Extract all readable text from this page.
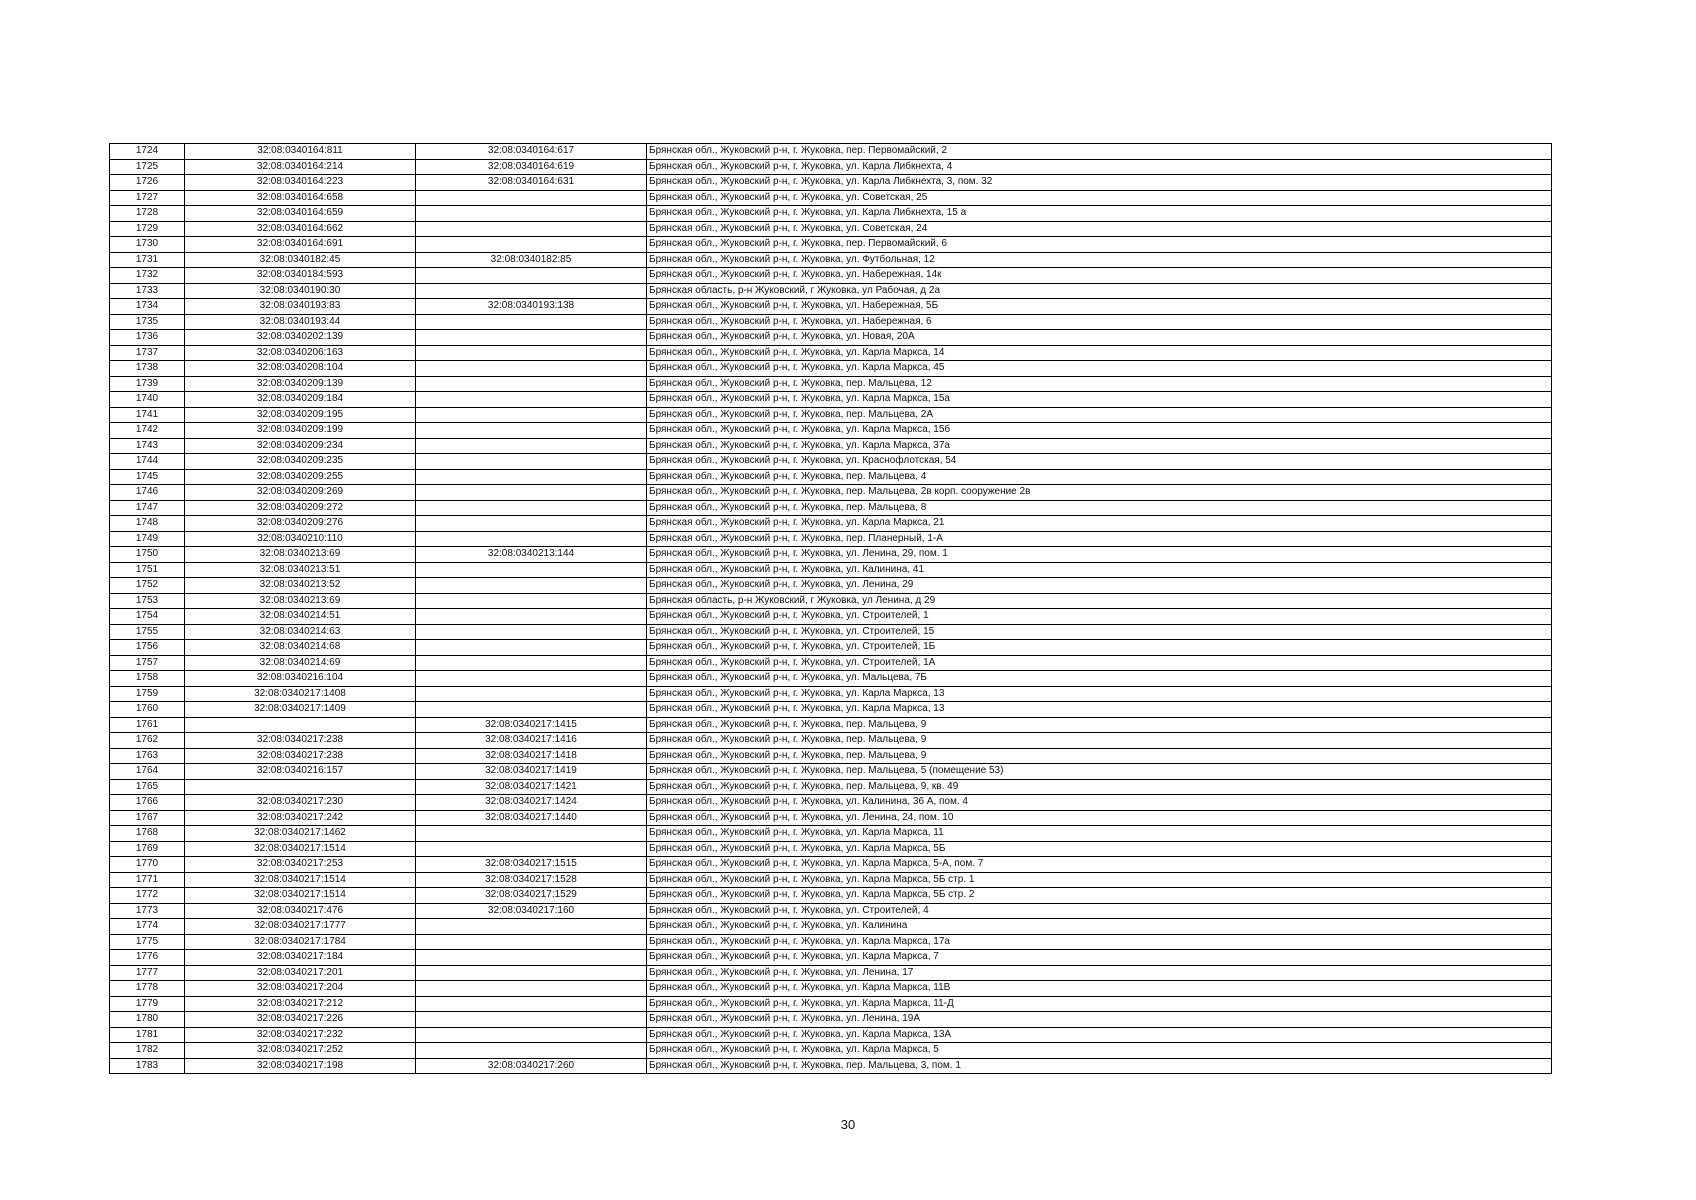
1724	32:08:0340164:811	32:08:0340164:617	Брянская обл., Жуковский р-н, г. Жуковка, пер. Первомайский, 2
1725	32:08:0340164:214	32:08:0340164:619	Брянская обл., Жуковский р-н, г. Жуковка, ул. Карла Либкнехта, 4
1726	32:08:0340164:223	32:08:0340164:631	Брянская обл., Жуковский р-н, г. Жуковка, ул. Карла Либкнехта, 3, пом. 32
1727	32:08:0340164:658		Брянская обл., Жуковский р-н, г. Жуковка, ул. Советская, 25
1728	32:08:0340164:659		Брянская обл., Жуковский р-н, г. Жуковка, ул. Карла Либкнехта, 15 а
1729	32:08:0340164:662		Брянская обл., Жуковский р-н, г. Жуковка, ул. Советская, 24
1730	32:08:0340164:691		Брянская обл., Жуковский р-н, г. Жуковка, пер. Первомайский, 6
1731	32:08:0340182:45	32:08:0340182:85	Брянская обл., Жуковский р-н, г. Жуковка, ул. Футбольная, 12
1732	32:08:0340184:593		Брянская обл., Жуковский р-н, г. Жуковка, ул. Набережная, 14к
1733	32:08:0340190:30		Брянская область, р-н Жуковский, г Жуковка, ул Рабочая, д 2а
1734	32:08:0340193:83	32:08:0340193:138	Брянская обл., Жуковский р-н, г. Жуковка, ул. Набережная, 5Б
1735	32:08:0340193:44		Брянская обл., Жуковский р-н, г. Жуковка, ул. Набережная, 6
1736	32:08:0340202:139		Брянская обл., Жуковский р-н, г. Жуковка, ул. Новая, 20А
1737	32:08:0340206:163		Брянская обл., Жуковский р-н, г. Жуковка, ул. Карла Маркса, 14
1738	32:08:0340208:104		Брянская обл., Жуковский р-н, г. Жуковка, ул. Карла Маркса, 45
1739	32:08:0340209:139		Брянская обл., Жуковский р-н, г. Жуковка, пер. Мальцева, 12
1740	32:08:0340209:184		Брянская обл., Жуковский р-н, г. Жуковка, ул. Карла Маркса, 15а
1741	32:08:0340209:195		Брянская обл., Жуковский р-н, г. Жуковка, пер. Мальцева, 2А
1742	32:08:0340209:199		Брянская обл., Жуковский р-н, г. Жуковка, ул. Карла Маркса, 15б
1743	32:08:0340209:234		Брянская обл., Жуковский р-н, г. Жуковка, ул. Карла Маркса, 37а
1744	32:08:0340209:235		Брянская обл., Жуковский р-н, г. Жуковка, ул. Краснофлотская, 54
1745	32:08:0340209:255		Брянская обл., Жуковский р-н, г. Жуковка, пер. Мальцева, 4
1746	32:08:0340209:269		Брянская обл., Жуковский р-н, г. Жуковка, пер. Мальцева, 2в корп. сооружение 2в
1747	32:08:0340209:272		Брянская обл., Жуковский р-н, г. Жуковка, пер. Мальцева, 8
1748	32:08:0340209:276		Брянская обл., Жуковский р-н, г. Жуковка, ул. Карла Маркса, 21
1749	32:08:0340210:110		Брянская обл., Жуковский р-н, г. Жуковка, пер. Планерный, 1-А
1750	32:08:0340213:69	32:08:0340213:144	Брянская обл., Жуковский р-н, г. Жуковка, ул. Ленина, 29, пом. 1
1751	32:08:0340213:51		Брянская обл., Жуковский р-н, г. Жуковка, ул. Калинина, 41
1752	32:08:0340213:52		Брянская обл., Жуковский р-н, г. Жуковка, ул. Ленина, 29
1753	32:08:0340213:69		Брянская область, р-н Жуковский, г Жуковка, ул Ленина, д 29
1754	32:08:0340214:51		Брянская обл., Жуковский р-н, г. Жуковка, ул. Строителей, 1
1755	32:08:0340214:63		Брянская обл., Жуковский р-н, г. Жуковка, ул. Строителей, 15
1756	32:08:0340214:68		Брянская обл., Жуковский р-н, г. Жуковка, ул. Строителей, 1Б
1757	32:08:0340214:69		Брянская обл., Жуковский р-н, г. Жуковка, ул. Строителей, 1А
1758	32:08:0340216:104		Брянская обл., Жуковский р-н, г. Жуковка, ул. Мальцева, 7Б
1759	32:08:0340217:1408		Брянская обл., Жуковский р-н, г. Жуковка, ул. Карла Маркса, 13
1760	32:08:0340217:1409		Брянская обл., Жуковский р-н, г. Жуковка, ул. Карла Маркса, 13
1761		32:08:0340217:1415	Брянская обл., Жуковский р-н, г. Жуковка, пер. Мальцева, 9
1762	32:08:0340217:238	32:08:0340217:1416	Брянская обл., Жуковский р-н, г. Жуковка, пер. Мальцева, 9
1763	32:08:0340217:238	32:08:0340217:1418	Брянская обл., Жуковский р-н, г. Жуковка, пер. Мальцева, 9
1764	32:08:0340216:157	32:08:0340217:1419	Брянская обл., Жуковский р-н, г. Жуковка, пер. Мальцева, 5 (помещение 53)
1765		32:08:0340217:1421	Брянская обл., Жуковский р-н, г. Жуковка, пер. Мальцева, 9, кв. 49
1766	32:08:0340217:230	32:08:0340217:1424	Брянская обл., Жуковский р-н, г. Жуковка, ул. Калинина, 36 А, пом. 4
1767	32:08:0340217:242	32:08:0340217:1440	Брянская обл., Жуковский р-н, г. Жуковка, ул. Ленина, 24, пом. 10
1768	32:08:0340217:1462		Брянская обл., Жуковский р-н, г. Жуковка, ул. Карла Маркса, 11
1769	32:08:0340217:1514		Брянская обл., Жуковский р-н, г. Жуковка, ул. Карла Маркса, 5Б
1770	32:08:0340217:253	32:08:0340217:1515	Брянская обл., Жуковский р-н, г. Жуковка, ул. Карла Маркса, 5-А, пом. 7
1771	32:08:0340217:1514	32:08:0340217:1528	Брянская обл., Жуковский р-н, г. Жуковка, ул. Карла Маркса, 5Б стр. 1
1772	32:08:0340217:1514	32:08:0340217:1529	Брянская обл., Жуковский р-н, г. Жуковка, ул. Карла Маркса, 5Б стр. 2
1773	32:08:0340217:476	32:08:0340217:160	Брянская обл., Жуковский р-н, г. Жуковка, ул. Строителей, 4
1774	32:08:0340217:1777		Брянская обл., Жуковский р-н, г. Жуковка, ул. Калинина
1775	32:08:0340217:1784		Брянская обл., Жуковский р-н, г. Жуковка, ул. Карла Маркса, 17а
1776	32:08:0340217:184		Брянская обл., Жуковский р-н, г. Жуковка, ул. Карла Маркса, 7
1777	32:08:0340217:201		Брянская обл., Жуковский р-н, г. Жуковка, ул. Ленина, 17
1778	32:08:0340217:204		Брянская обл., Жуковский р-н, г. Жуковка, ул. Карла Маркса, 11В
1779	32:08:0340217:212		Брянская обл., Жуковский р-н, г. Жуковка, ул. Карла Маркса, 11-Д
1780	32:08:0340217:226		Брянская обл., Жуковский р-н, г. Жуковка, ул. Ленина, 19А
1781	32:08:0340217:232		Брянская обл., Жуковский р-н, г. Жуковка, ул. Карла Маркса, 13А
1782	32:08:0340217:252		Брянская обл., Жуковский р-н, г. Жуковка, ул. Карла Маркса, 5
1783	32:08:0340217:198	32:08:0340217:260	Брянская обл., Жуковский р-н, г. Жуковка, пер. Мальцева, 3, пом. 1
30
